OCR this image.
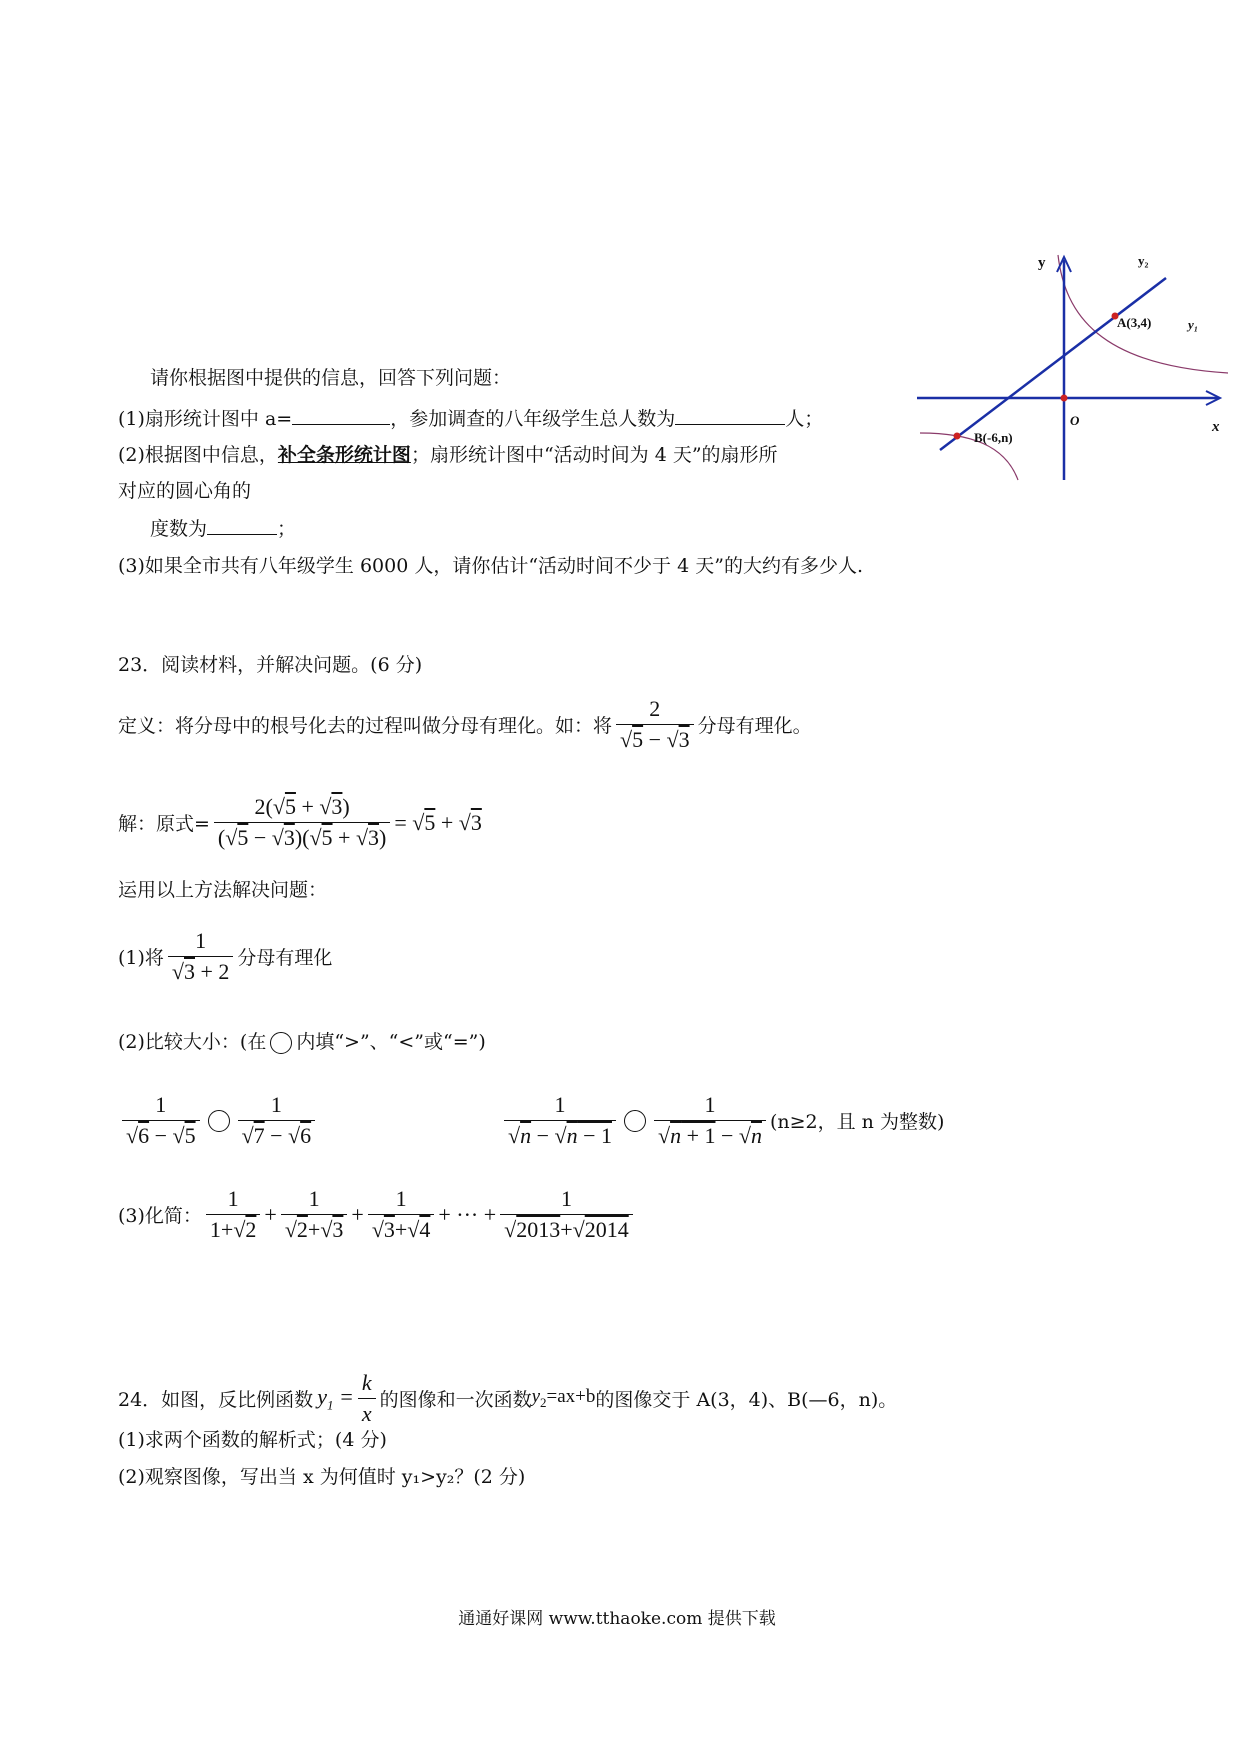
y
x
O
y₂
y₁
A(3,4)
B(-6,n)
请你根据图中提供的信息，回答下列问题：
(1)扇形统计图中 a=	，参加调查的八年级学生总人数为	人；
(2)根据图中信息，补全条形统计图；扇形统计图中“活动时间为 4 天”的扇形所
对应的圆心角的
度数为	；
(3)如果全市共有八年级学生 6000 人，请你估计“活动时间不少于 4 天”的大约有多少人.
23．阅读材料，并解决问题。(6 分)
定义：将分母中的根号化去的过程叫做分母有理化。如：将 $\frac{2}{√5 - √3}$ 分母有理化。
解：原式= $\frac{2(√5 + √3)}{(√5 - √3)(√5 + √3)} = √5 + √3$
运用以上方法解决问题：
(1)将 $\frac{1}{√3 + 2}$ 分母有理化
(2)比较大小：(在 内填“>”、“<”或“=”)
$\frac{1}{√6 - √5} \frac{1}{√7 - √6}$	$\frac{1}{√n - √n - 1} \frac{1}{√n + 1 - √n} (n\ge 2$，且 n 为整数)
(3)化简： $\frac{1}{1+√2} + \frac{1}{√2+√3} + \frac{1}{√3+√4}$ + ··· + $\frac{1}{√2013+√2014}$
24．如图，反比例函数 $y_1 = \frac{k}{x}$ 的图像和一次函数 $y_2=ax+b$ 的图像交于 A(3，4)、B(—6，n)。
(1)求两个函数的解析式；(4 分)
(2)观察图像，写出当 x 为何值时 y₁>y₂？(2 分)
通通好课网 www.tthaoke.com 提供下载
